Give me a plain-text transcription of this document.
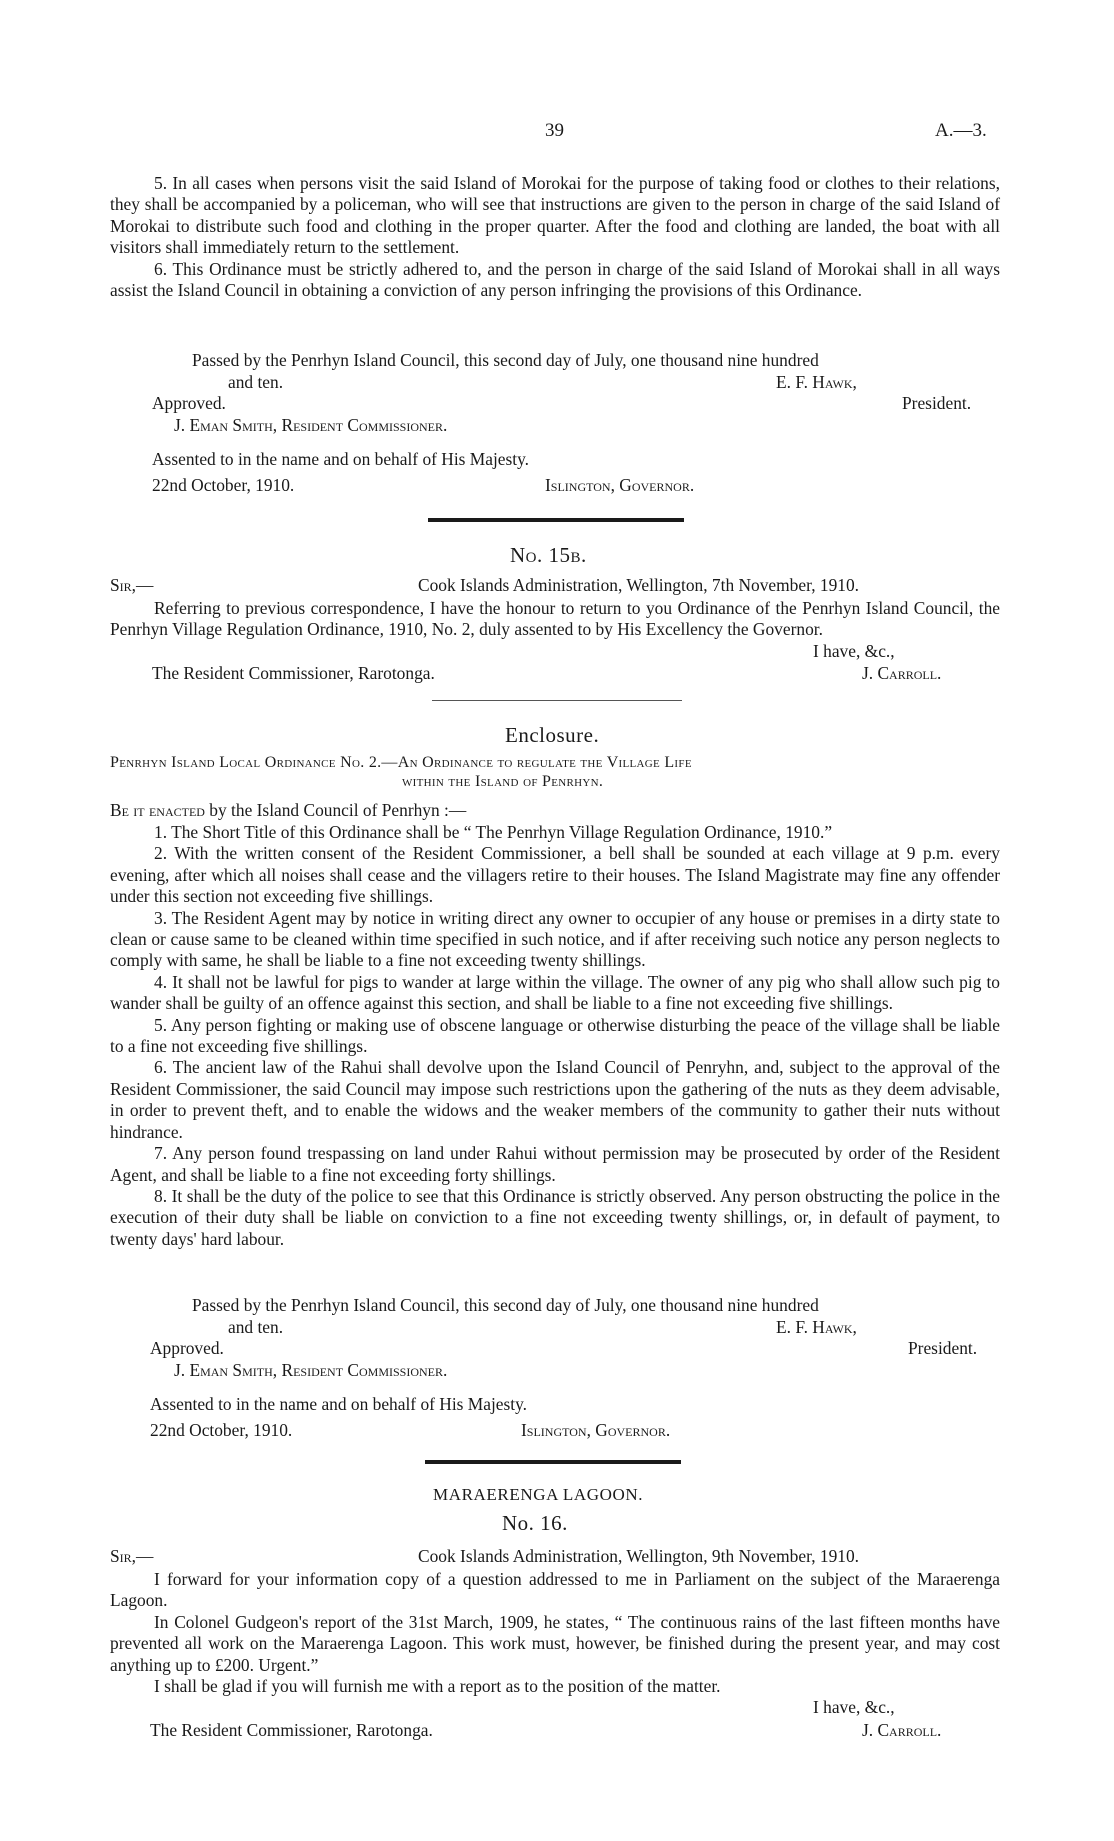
39	A.—3.

5. In all cases when persons visit the said Island of Morokai for the purpose of taking food or clothes to their relations, they shall be accompanied by a policeman, who will see that instructions are given to the person in charge of the said Island of Morokai to distribute such food and clothing in the proper quarter. After the food and clothing are landed, the boat with all visitors shall immediately return to the settlement.

6. This Ordinance must be strictly adhered to, and the person in charge of the said Island of Morokai shall in all ways assist the Island Council in obtaining a conviction of any person infringing the provisions of this Ordinance.

Passed by the Penrhyn Island Council, this second day of July, one thousand nine hundred
and ten.	E. F. Hawk,
Approved.	President.
J. Eman Smith, Resident Commissioner.
Assented to in the name and on behalf of His Majesty.
22nd October, 1910.	Islington, Governor.
No. 15b.
Sir,—	Cook Islands Administration, Wellington, 7th November, 1910.

Referring to previous correspondence, I have the honour to return to you Ordinance of the Penrhyn Island Council, the Penrhyn Village Regulation Ordinance, 1910, No. 2, duly assented to by His Excellency the Governor.

I have, &c.,
The Resident Commissioner, Rarotonga.	J. Carroll.
Enclosure.
Penrhyn Island Local Ordinance No. 2.—An Ordinance to regulate the Village Life
within the Island of Penrhyn.
Be it enacted by the Island Council of Penrhyn :—

1. The Short Title of this Ordinance shall be “ The Penrhyn Village Regulation Ordinance, 1910.”

2. With the written consent of the Resident Commissioner, a bell shall be sounded at each village at 9 p.m. every evening, after which all noises shall cease and the villagers retire to their houses. The Island Magistrate may fine any offender under this section not exceeding five shillings.

3. The Resident Agent may by notice in writing direct any owner to occupier of any house or premises in a dirty state to clean or cause same to be cleaned within time specified in such notice, and if after receiving such notice any person neglects to comply with same, he shall be liable to a fine not exceeding twenty shillings.

4. It shall not be lawful for pigs to wander at large within the village. The owner of any pig who shall allow such pig to wander shall be guilty of an offence against this section, and shall be liable to a fine not exceeding five shillings.

5. Any person fighting or making use of obscene language or otherwise disturbing the peace of the village shall be liable to a fine not exceeding five shillings.

6. The ancient law of the Rahui shall devolve upon the Island Council of Penryhn, and, subject to the approval of the Resident Commissioner, the said Council may impose such restrictions upon the gathering of the nuts as they deem advisable, in order to prevent theft, and to enable the widows and the weaker members of the community to gather their nuts without hindrance.

7. Any person found trespassing on land under Rahui without permission may be prosecuted by order of the Resident Agent, and shall be liable to a fine not exceeding forty shillings.

8. It shall be the duty of the police to see that this Ordinance is strictly observed. Any person obstructing the police in the execution of their duty shall be liable on conviction to a fine not exceeding twenty shillings, or, in default of payment, to twenty days' hard labour.

Passed by the Penrhyn Island Council, this second day of July, one thousand nine hundred
and ten.	E. F. Hawk,
Approved.	President.
J. Eman Smith, Resident Commissioner.
Assented to in the name and on behalf of His Majesty.
22nd October, 1910.	Islington, Governor.
MARAERENGA LAGOON.
No. 16.
Sir,—	Cook Islands Administration, Wellington, 9th November, 1910.

I forward for your information copy of a question addressed to me in Parliament on the subject of the Maraerenga Lagoon.

In Colonel Gudgeon's report of the 31st March, 1909, he states, “ The continuous rains of the last fifteen months have prevented all work on the Maraerenga Lagoon. This work must, however, be finished during the present year, and may cost anything up to £200. Urgent.”

I shall be glad if you will furnish me with a report as to the position of the matter.

I have, &c.,
The Resident Commissioner, Rarotonga.	J. Carroll.
